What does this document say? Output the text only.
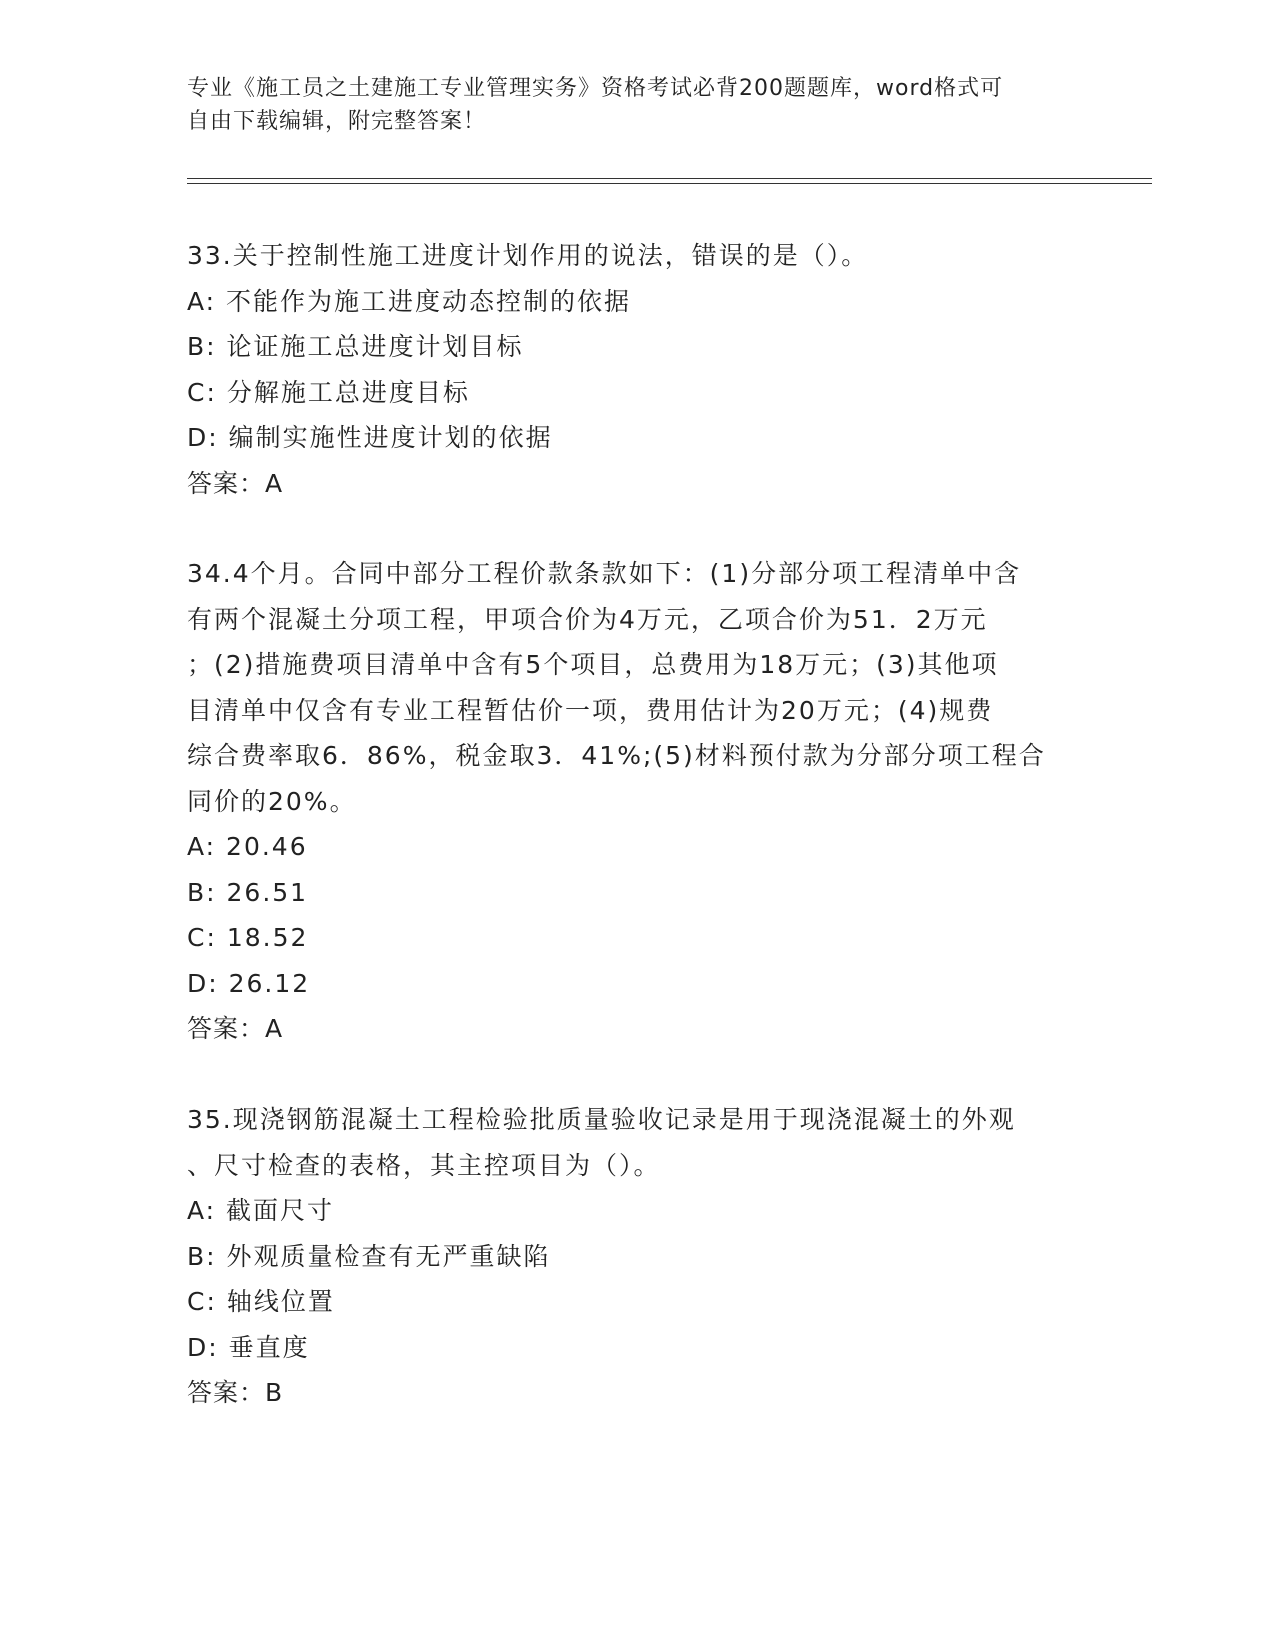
专业《施工员之土建施工专业管理实务》资格考试必背200题题库，word格式可
自由下载编辑，附完整答案！
33.关于控制性施工进度计划作用的说法，错误的是（）。
A: 不能作为施工进度动态控制的依据
B: 论证施工总进度计划目标
C: 分解施工总进度目标
D: 编制实施性进度计划的依据
答案：A
34.4个月。合同中部分工程价款条款如下：(1)分部分项工程清单中含
有两个混凝土分项工程，甲项合价为4万元，乙项合价为51．2万元
；(2)措施费项目清单中含有5个项目，总费用为18万元；(3)其他项
目清单中仅含有专业工程暂估价一项，费用估计为20万元；(4)规费
综合费率取6．86%，税金取3．41%;(5)材料预付款为分部分项工程合
同价的20%。
A: 20.46
B: 26.51
C: 18.52
D: 26.12
答案：A
35.现浇钢筋混凝土工程检验批质量验收记录是用于现浇混凝土的外观
、尺寸检查的表格，其主控项目为（）。
A: 截面尺寸
B: 外观质量检查有无严重缺陷
C: 轴线位置
D: 垂直度
答案：B
